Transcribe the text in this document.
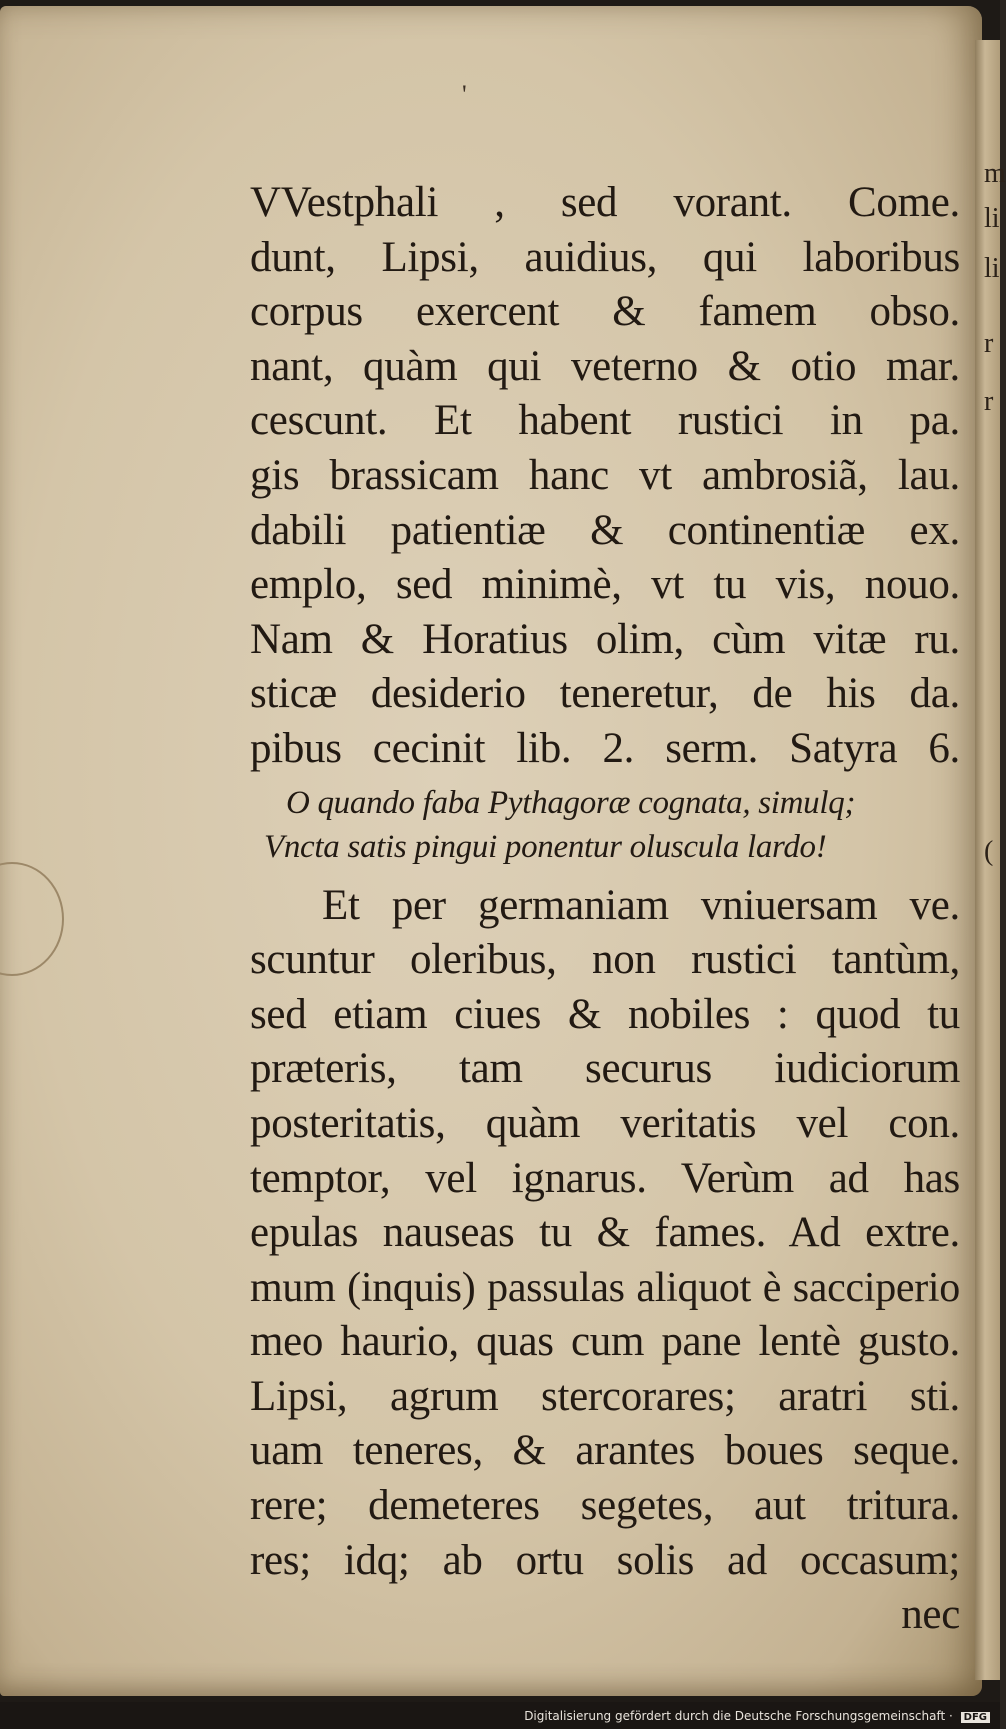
m
li
li
r
r
(
'
VVestphali , sed vorant. Come.
dunt, Lipsi, auidius, qui laboribus
corpus exercent & famem obso.
nant, quàm qui veterno & otio mar.
cescunt. Et habent rustici in pa.
gis brassicam hanc vt ambrosiã, lau.
dabili patientiæ & continentiæ ex.
emplo, sed minimè, vt tu vis, nouo.
Nam & Horatius olim, cùm vitæ ru.
sticæ desiderio teneretur, de his da.
pibus cecinit lib. 2. serm. Satyra 6.
O quando faba Pythagoræ cognata, simulq;
Vncta satis pingui ponentur oluscula lardo!
Et per germaniam vniuersam ve.
scuntur oleribus, non rustici tantùm,
sed etiam ciues & nobiles : quod tu
præteris, tam securus iudiciorum
posteritatis, quàm veritatis vel con.
temptor, vel ignarus. Verùm ad has
epulas nauseas tu & fames. Ad extre.
mum (inquis) passulas aliquot è sacciperio
meo haurio, quas cum pane lentè gusto.
Lipsi, agrum stercorares; aratri sti.
uam teneres, & arantes boues seque.
rere; demeteres segetes, aut tritura.
res; idq; ab ortu solis ad occasum;
nec
Digitalisierung gefördert durch die Deutsche Forschungsgemeinschaft · DFG
